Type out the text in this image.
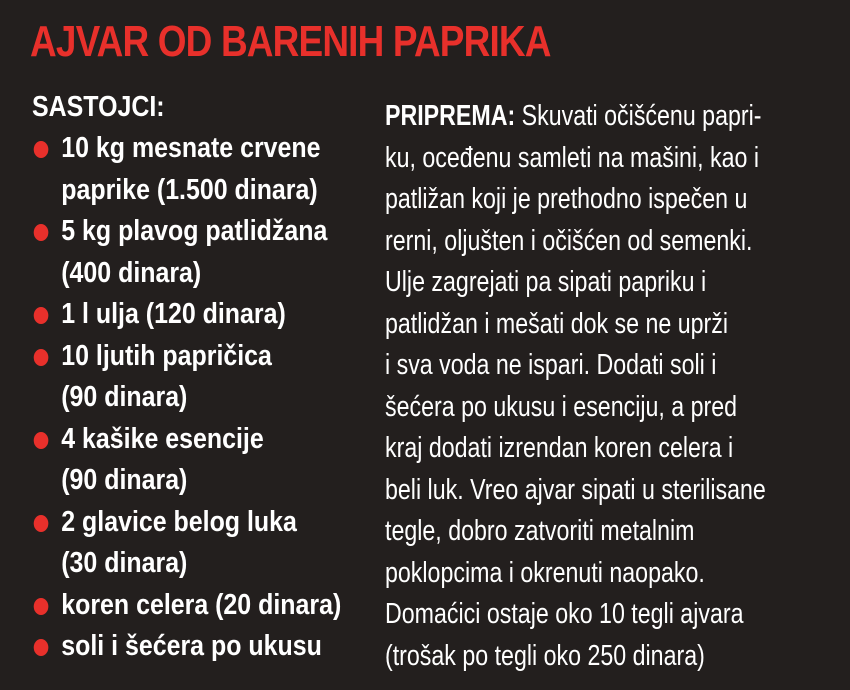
AJVAR OD BARENIH PAPRIKA
SASTOJCI:
10 kg mesnate crvene
paprike (1.500 dinara)
5 kg plavog patlidžana
(400 dinara)
1 l ulja (120 dinara)
10 ljutih papričica
(90 dinara)
4 kašike esencije
(90 dinara)
2 glavice belog luka
(30 dinara)
koren celera (20 dinara)
soli i šećera po ukusu
PRIPREMA: Skuvati očišćenu papri-
ku, oceđenu samleti na mašini, kao i
patližan koji je prethodno ispečen u
rerni, oljušten i očišćen od semenki.
Ulje zagrejati pa sipati papriku i
patlidžan i mešati dok se ne uprži
i sva voda ne ispari. Dodati soli i
šećera po ukusu i esenciju, a pred
kraj dodati izrendan koren celera i
beli luk. Vreo ajvar sipati u sterilisane
tegle, dobro zatvoriti metalnim
poklopcima i okrenuti naopako.
Domaćici ostaje oko 10 tegli ajvara
(trošak po tegli oko 250 dinara)
